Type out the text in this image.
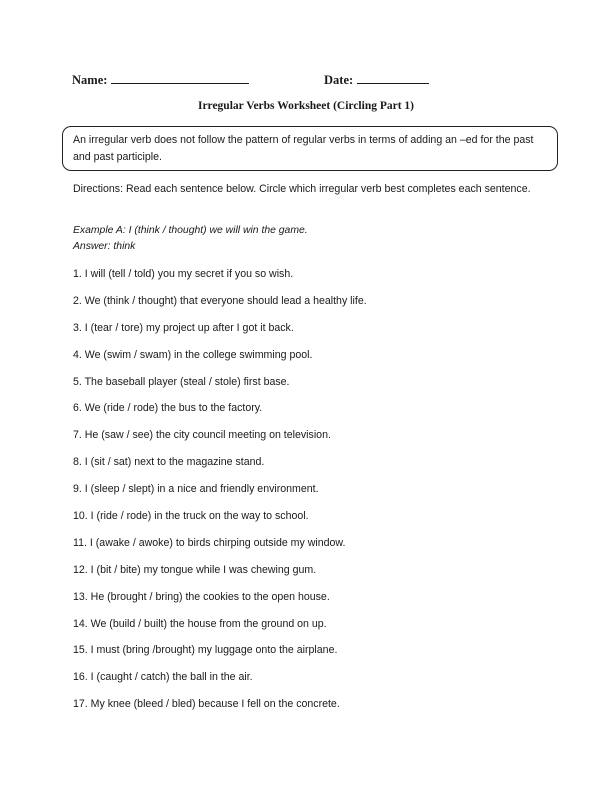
Name:	Date:
Irregular Verbs Worksheet (Circling Part 1)
An irregular verb does not follow the pattern of regular verbs in terms of adding an –ed for the past and past participle.
Directions: Read each sentence below. Circle which irregular verb best completes each sentence.
Example A: I (think / thought) we will win the game.
Answer: think
1. I will (tell / told) you my secret if you so wish.
2. We (think / thought) that everyone should lead a healthy life.
3. I (tear / tore) my project up after I got it back.
4. We (swim / swam) in the college swimming pool.
5. The baseball player (steal / stole) first base.
6. We (ride / rode) the bus to the factory.
7. He (saw / see) the city council meeting on television.
8. I (sit / sat) next to the magazine stand.
9. I (sleep / slept) in a nice and friendly environment.
10. I (ride / rode) in the truck on the way to school.
11. I (awake / awoke) to birds chirping outside my window.
12. I (bit / bite) my tongue while I was chewing gum.
13. He (brought / bring) the cookies to the open house.
14. We (build / built) the house from the ground on up.
15. I must (bring /brought) my luggage onto the airplane.
16. I (caught / catch) the ball in the air.
17. My knee (bleed / bled) because I fell on the concrete.
